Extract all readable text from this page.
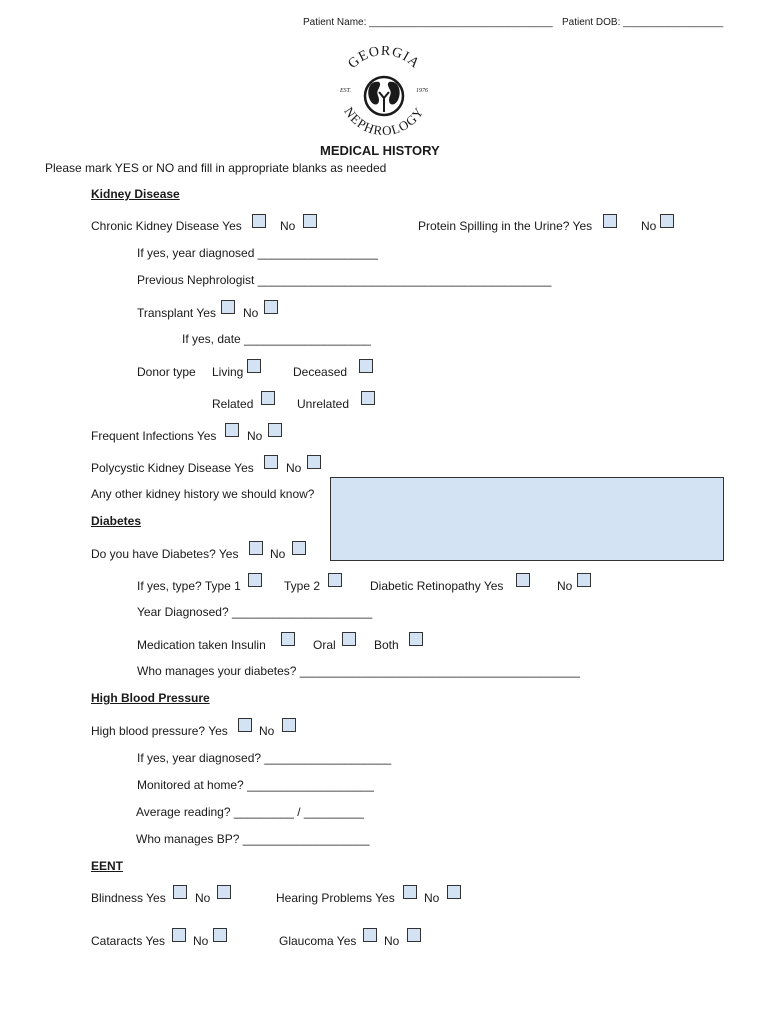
Patient Name: _________________________________ Patient DOB: __________________
GEORGIA
NEPHROLOGY
EST.	1976
MEDICAL HISTORY
Please mark YES or NO and fill in appropriate blanks as needed
Kidney Disease
Chronic Kidney Disease Yes	No	Protein Spilling in the Urine? Yes	No
If yes, year diagnosed __________________
Previous Nephrologist ____________________________________________
Transplant Yes No
If yes, date ___________________
Donor type Living	Deceased
Related	Unrelated
Frequent Infections Yes	No
Polycystic Kidney Disease Yes	No
Any other kidney history we should know?
Diabetes
Do you have Diabetes? Yes	No
If yes, type? Type 1	Type 2	Diabetic Retinopathy Yes	No
Year Diagnosed? _____________________
Medication taken Insulin	Oral	Both
Who manages your diabetes? __________________________________________
High Blood Pressure
High blood pressure? Yes	No
If yes, year diagnosed? ___________________
Monitored at home? ___________________
Average reading? _________ / _________
Who manages BP? ___________________
EENT
Blindness Yes No	Hearing Problems Yes No
Cataracts Yes No	Glaucoma Yes No
